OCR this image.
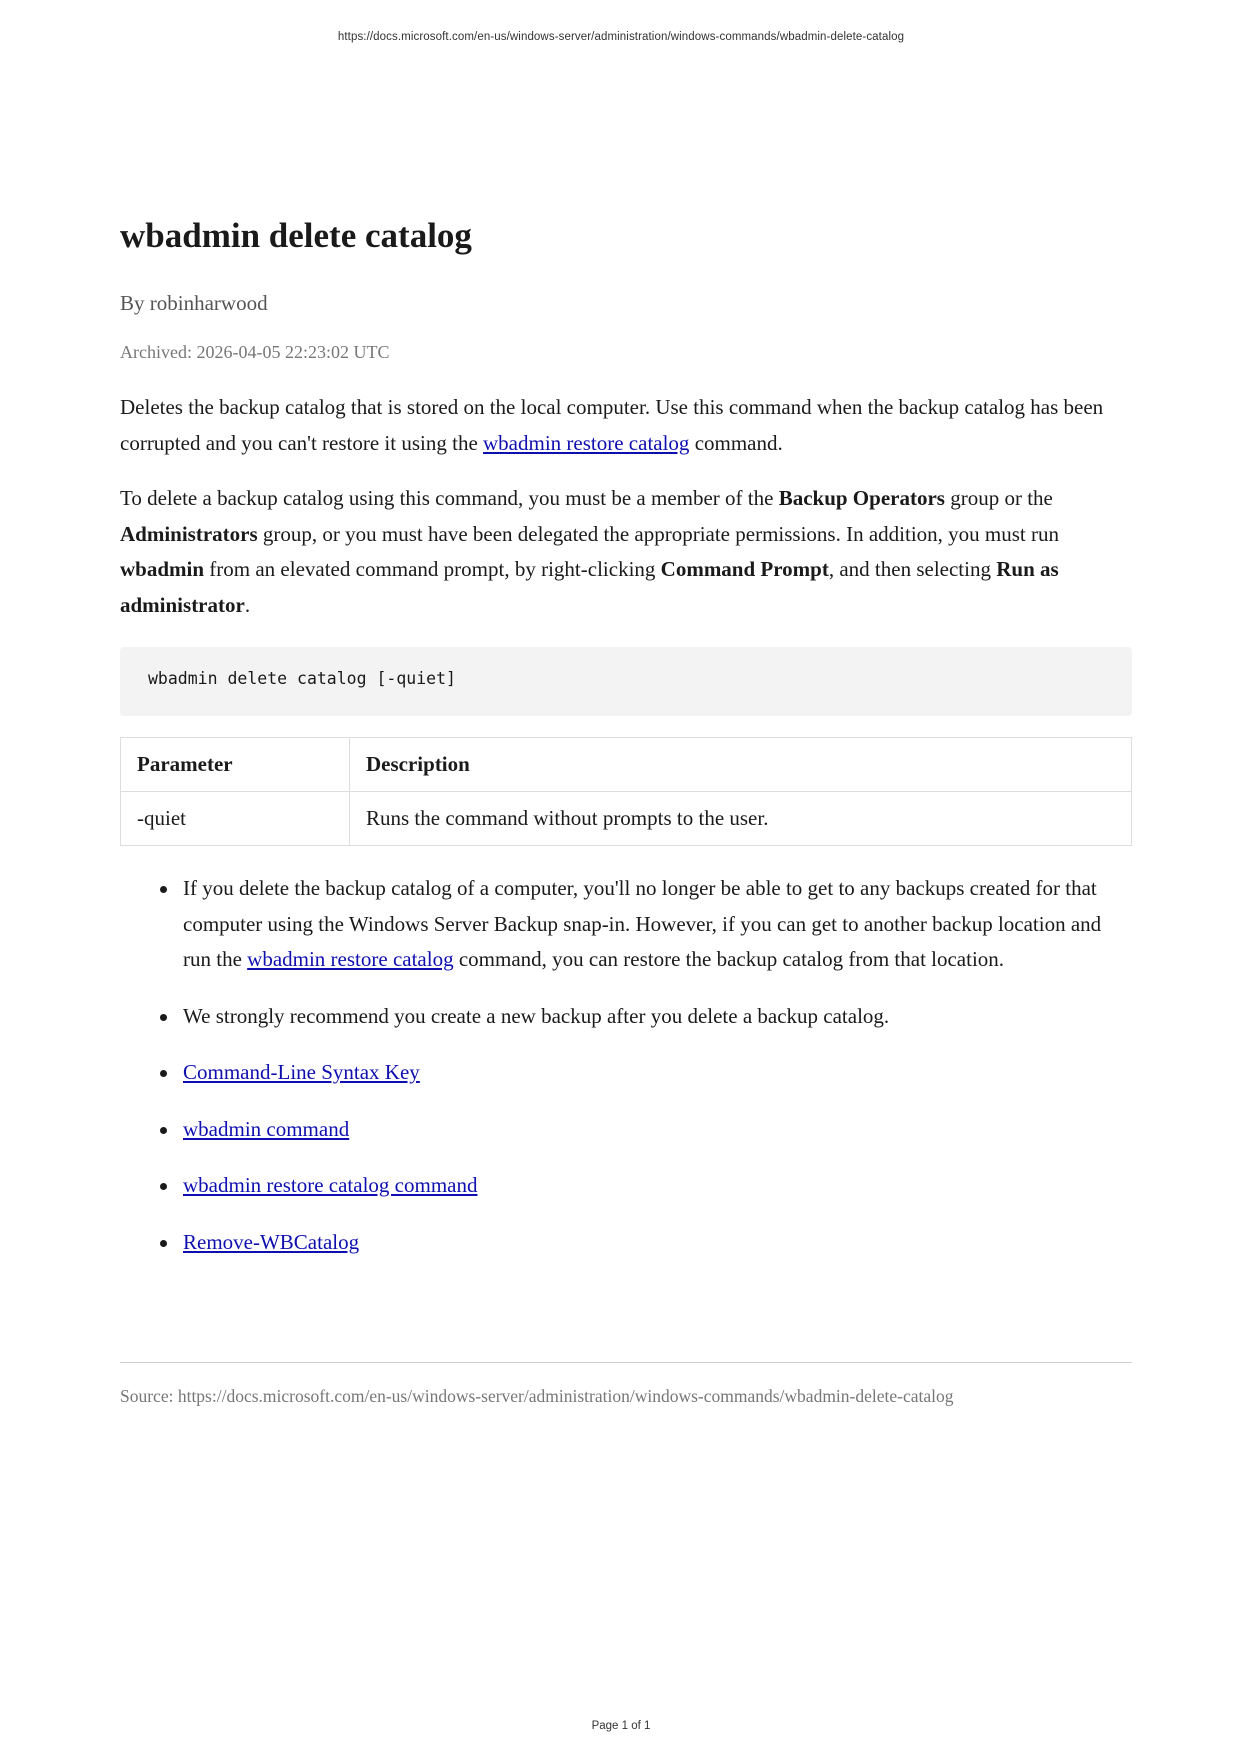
https://docs.microsoft.com/en-us/windows-server/administration/windows-commands/wbadmin-delete-catalog
wbadmin delete catalog
By robinharwood
Archived: 2026-04-05 22:23:02 UTC

Deletes the backup catalog that is stored on the local computer. Use this command when the backup catalog has been corrupted and you can't restore it using the wbadmin restore catalog command.

To delete a backup catalog using this command, you must be a member of the Backup Operators group or the Administrators group, or you must have been delegated the appropriate permissions. In addition, you must run wbadmin from an elevated command prompt, by right-clicking Command Prompt, and then selecting Run as administrator.

wbadmin delete catalog [-quiet]
Parameter	Description
-quiet	Runs the command without prompts to the user.
If you delete the backup catalog of a computer, you'll no longer be able to get to any backups created for that computer using the Windows Server Backup snap-in. However, if you can get to another backup location and run the wbadmin restore catalog command, you can restore the backup catalog from that location.
We strongly recommend you create a new backup after you delete a backup catalog.
Command-Line Syntax Key
wbadmin command
wbadmin restore catalog command
Remove-WBCatalog
Source: https://docs.microsoft.com/en-us/windows-server/administration/windows-commands/wbadmin-delete-catalog
Page 1 of 1
